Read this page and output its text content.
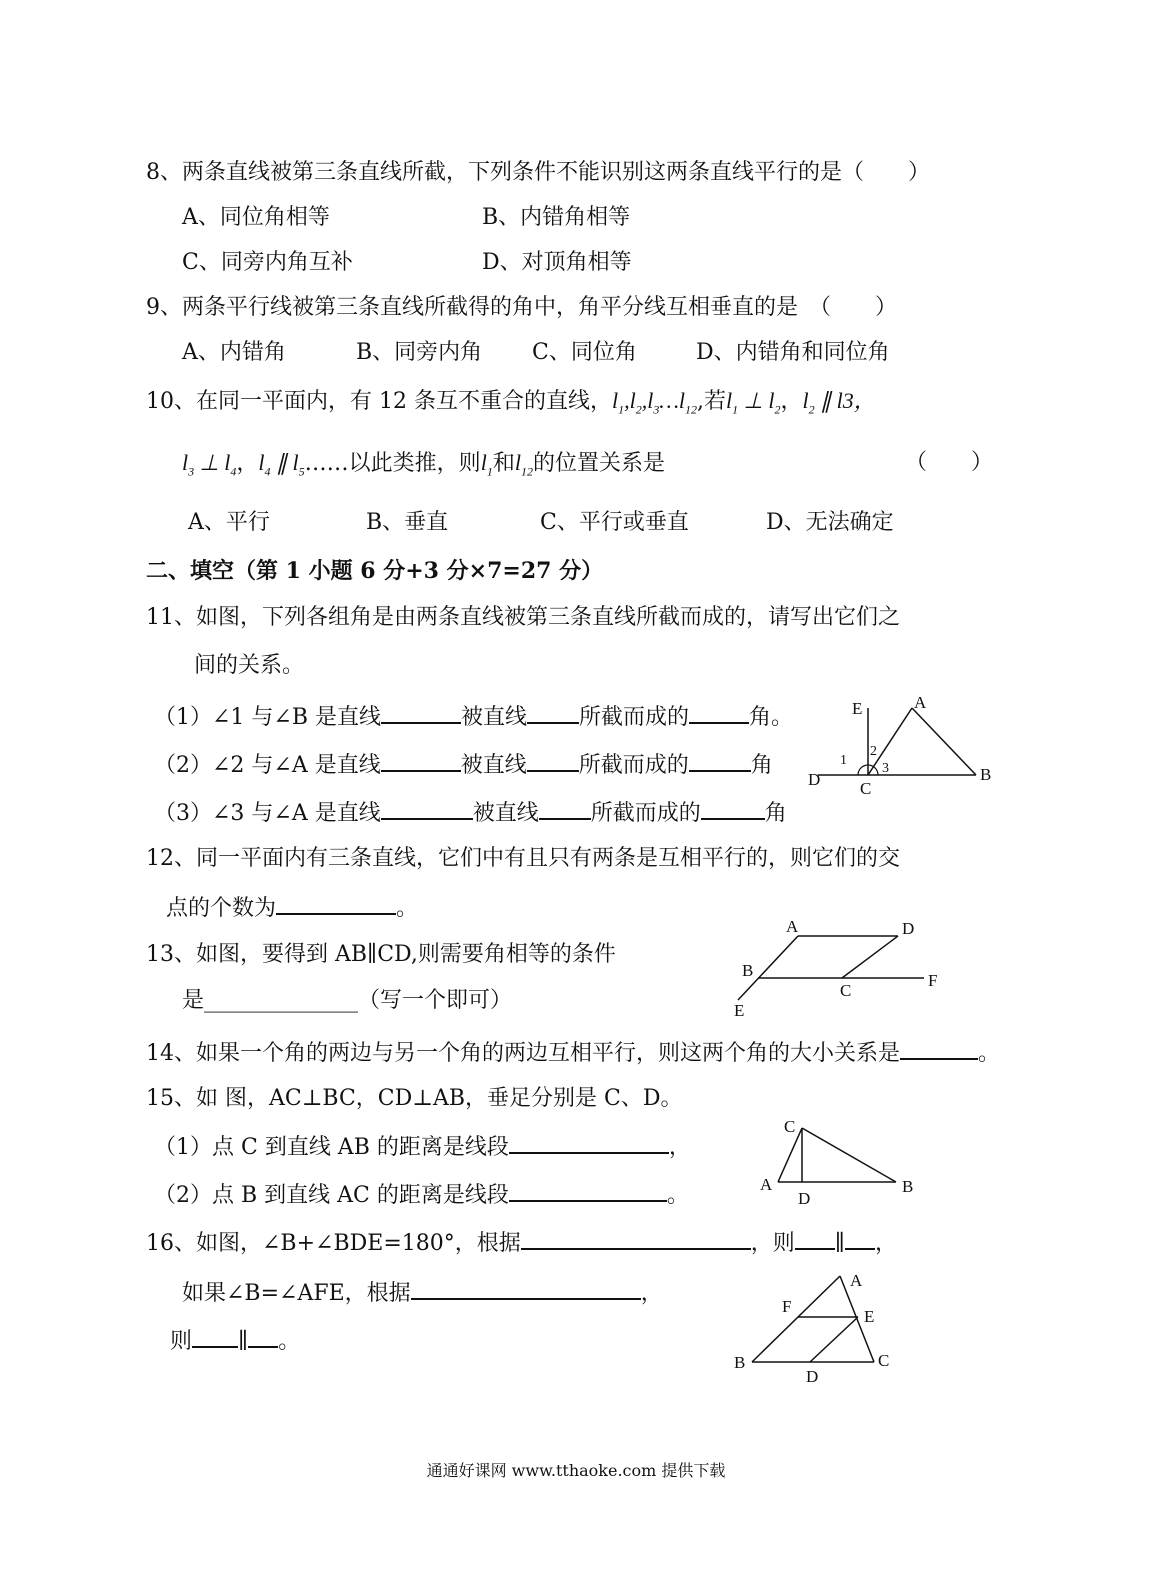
8、两条直线被第三条直线所截，下列条件不能识别这两条直线平行的是（　　）
A、同位角相等	B、内错角相等
C、同旁内角互补	D、对顶角相等
9、两条平行线被第三条直线所截得的角中，角平分线互相垂直的是　（　　）
A、内错角	B、同旁内角 C、同位角	D、内错角和同位角
10、在同一平面内，有 12 条互不重合的直线，$l_1,l_2,l_3\dots l_{12}$,若$l_1$ ⊥ $l_2$，$l_2$ ∥ l3，
$l_3$ ⊥ $l_4$，$l_4$ ∥ $l_5\dots\dots$以此类推，则$l_1$和$l_{12}$的位置关系是	（　　）
A、平行	B、垂直	C、平行或垂直	D、无法确定
二、填空（第 1 小题 6 分+3 分×7=27 分）
11、如图，下列各组角是由两条直线被第三条直线所截而成的，请写出它们之
间的关系。
（1）∠1 与∠B 是直线	被直线 所截而成的	角。
（2）∠2 与∠A 是直线	被直线 所截而成的	角
（3）∠3 与∠A 是直线	被直线 所截而成的	角
E	A
1
2
3
D C
B
12、同一平面内有三条直线，它们中有且只有两条是互相平行的，则它们的交
点的个数为	。
13、如图，要得到 AB∥CD,则需要角相等的条件
是______________（写一个即可）
A	D
B
F
C
E
14、如果一个角的两边与另一个角的两边互相平行，则这两个角的大小关系是	。
15、如 图，AC⊥BC，CD⊥AB，垂足分别是 C、D。
（1）点 C 到直线 AB 的距离是线段	，
（2）点 B 到直线 AC 的距离是线段	。
C
A
D
B
16、如图，∠B+∠BDE=180°，根据	，则 ∥ ，
如果∠B=∠AFE，根据	，
则 ∥ 。
A
F
E
B
D
C
通通好课网 www.tthaoke.com 提供下载
